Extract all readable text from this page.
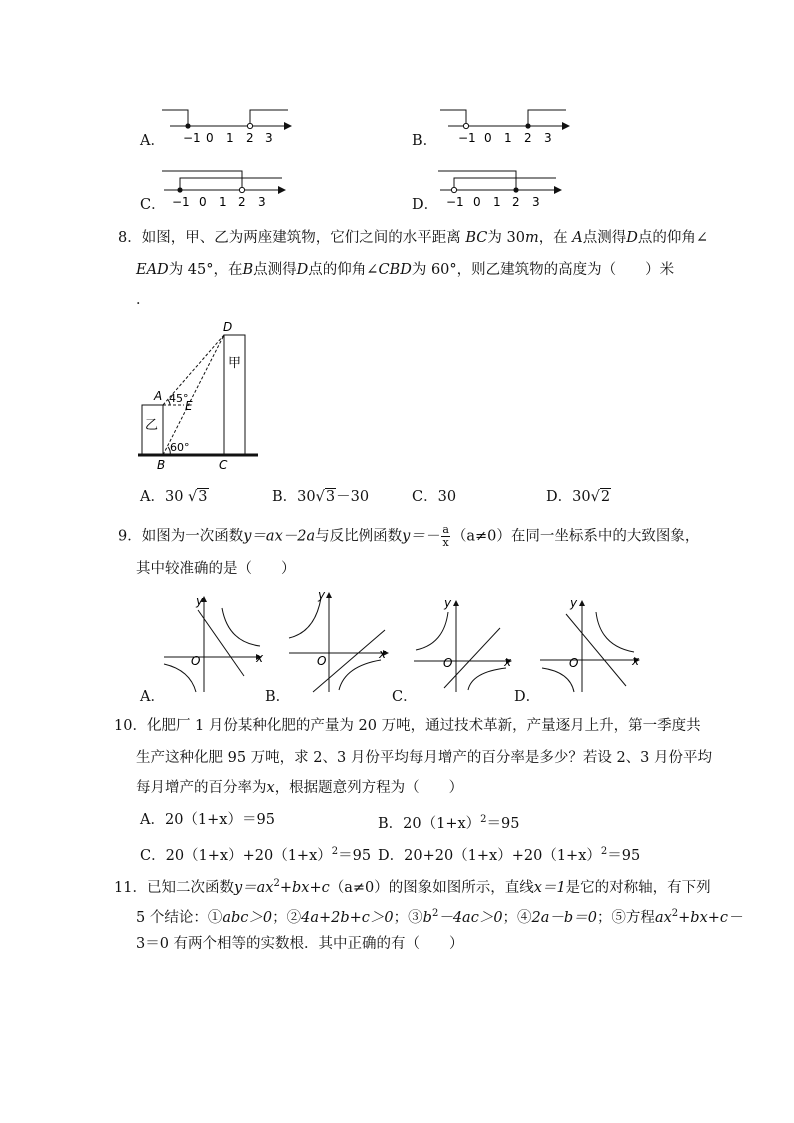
A． −1 0 1 2 3	B． −1 0 1 2 3
C． −1 0 1 2 3	D． −1 0 1 2 3
8．如图，甲、乙为两座建筑物，它们之间的水平距离 BC为 30m，在 A点测得D点的仰角∠
EAD为 45°，在B点测得D点的仰角∠CBD为 60°，则乙建筑物的高度为（　　）米
．
D
A
E
B	C
甲
乙
45°
60°
A．30 √3	B．30√3－30	C．30	D．30√2
9．如图为一次函数y＝ax－2a与反比例函数$y=- \frac{a}{x} (a\ne 0)$在同一坐标系中的大致图象，
其中较准确的是（　　）
y
x
O
A．
y
x
O
B．
y
x
O
C．
y
x
O
D．
10．化肥厂 1 月份某种化肥的产量为 20 万吨，通过技术革新，产量逐月上升，第一季度共
生产这种化肥 95 万吨，求 2、3 月份平均每月增产的百分率是多少？若设 2、3 月份平均
每月增产的百分率为x，根据题意列方程为（　　）
A．20（1+x）＝95	B．$20(1+x)^2=95$
C．$20(1+x)+20(1+x)^2=95$ D．$20+20(1+x)+20(1+x)^2=95$
11．已知二次函数$y=ax^2+bx+c(a\ne 0)$的图象如图所示，直线x＝1是它的对称轴，有下列
5 个结论：①abc＞0；②4a+2b+c＞0；$③b^2-4ac>0$；④2a－b＝0；⑤方程$ax^2+bx+c-$
3＝0 有两个相等的实数根．其中正确的有（　　）
